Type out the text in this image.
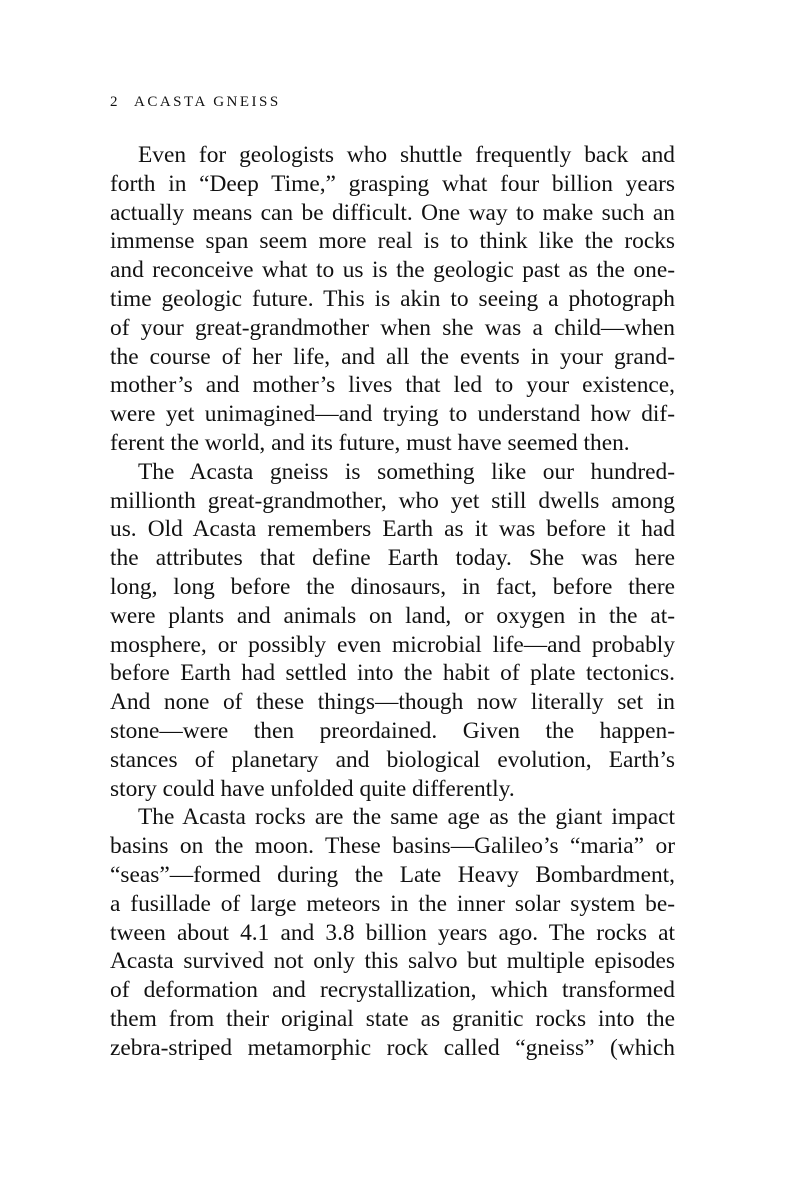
2 ACASTA GNEISS
Even for geologists who shuttle frequently back and
forth in “Deep Time,” grasping what four billion years
actually means can be difficult. One way to make such an
immense span seem more real is to think like the rocks
and reconceive what to us is the geologic past as the one-
time geologic future. This is akin to seeing a photograph
of your great-grandmother when she was a child—when
the course of her life, and all the events in your grand-
mother’s and mother’s lives that led to your existence,
were yet unimagined—and trying to understand how dif-
ferent the world, and its future, must have seemed then.
The Acasta gneiss is something like our hundred-
millionth great-grandmother, who yet still dwells among
us. Old Acasta remembers Earth as it was before it had
the attributes that define Earth today. She was here
long, long before the dinosaurs, in fact, before there
were plants and animals on land, or oxygen in the at-
mosphere, or possibly even microbial life—and probably
before Earth had settled into the habit of plate tectonics.
And none of these things—though now literally set in
stone—were then preordained. Given the happen-
stances of planetary and biological evolution, Earth’s
story could have unfolded quite differently.
The Acasta rocks are the same age as the giant impact
basins on the moon. These basins—Galileo’s “maria” or
“seas”—formed during the Late Heavy Bombardment,
a fusillade of large meteors in the inner solar system be-
tween about 4.1 and 3.8 billion years ago. The rocks at
Acasta survived not only this salvo but multiple episodes
of deformation and recrystallization, which transformed
them from their original state as granitic rocks into the
zebra-striped metamorphic rock called “gneiss” (which
